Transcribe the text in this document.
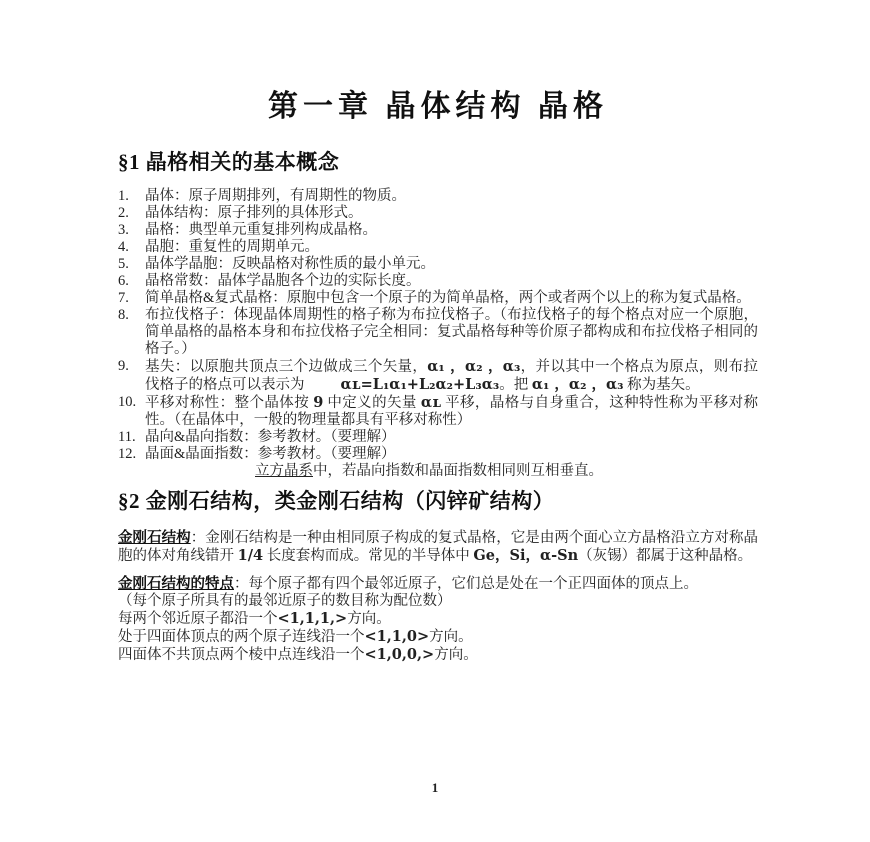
第一章 晶体结构 晶格
§1 晶格相关的基本概念
1.	晶体：原子周期排列，有周期性的物质。
2.	晶体结构：原子排列的具体形式。
3.	晶格：典型单元重复排列构成晶格。
4.	晶胞：重复性的周期单元。
5.	晶体学晶胞：反映晶格对称性质的最小单元。
6.	晶格常数：晶体学晶胞各个边的实际长度。
7.	简单晶格&复式晶格：原胞中包含一个原子的为简单晶格，两个或者两个以上的称为复式晶格。
8.	布拉伐格子：体现晶体周期性的格子称为布拉伐格子。（布拉伐格子的每个格点对应一个原胞，简单晶格的晶格本身和布拉伐格子完全相同：复式晶格每种等价原子都构成和布拉伐格子相同的格子。）
9.	基失：以原胞共顶点三个边做成三个矢量，α₁ ，α₂ ，α₃，并以其中一个格点为原点，则布拉伐格子的格点可以表示为 αʟ=L₁α₁+L₂α₂+L₃α₃。把 α₁ ，α₂ ，α₃ 称为基矢。
10. 平移对称性：整个晶体按 9 中定义的矢量 αʟ 平移，晶格与自身重合，这种特性称为平移对称性。（在晶体中，一般的物理量都具有平移对称性）
11. 晶向&晶向指数：参考教材。（要理解）
12. 晶面&晶面指数：参考教材。（要理解）
立方晶系中，若晶向指数和晶面指数相同则互相垂直。
§2 金刚石结构，类金刚石结构（闪锌矿结构）

金刚石结构：金刚石结构是一种由相同原子构成的复式晶格，它是由两个面心立方晶格沿立方对称晶胞的体对角线错开 1/4 长度套构而成。常见的半导体中 Ge，Si，α-Sn（灰锡）都属于这种晶格。

金刚石结构的特点：每个原子都有四个最邻近原子，它们总是处在一个正四面体的顶点上。

（每个原子所具有的最邻近原子的数目称为配位数）
每两个邻近原子都沿一个<1,1,1,>方向。
处于四面体顶点的两个原子连线沿一个<1,1,0>方向。
四面体不共顶点两个棱中点连线沿一个<1,0,0,>方向。
1
